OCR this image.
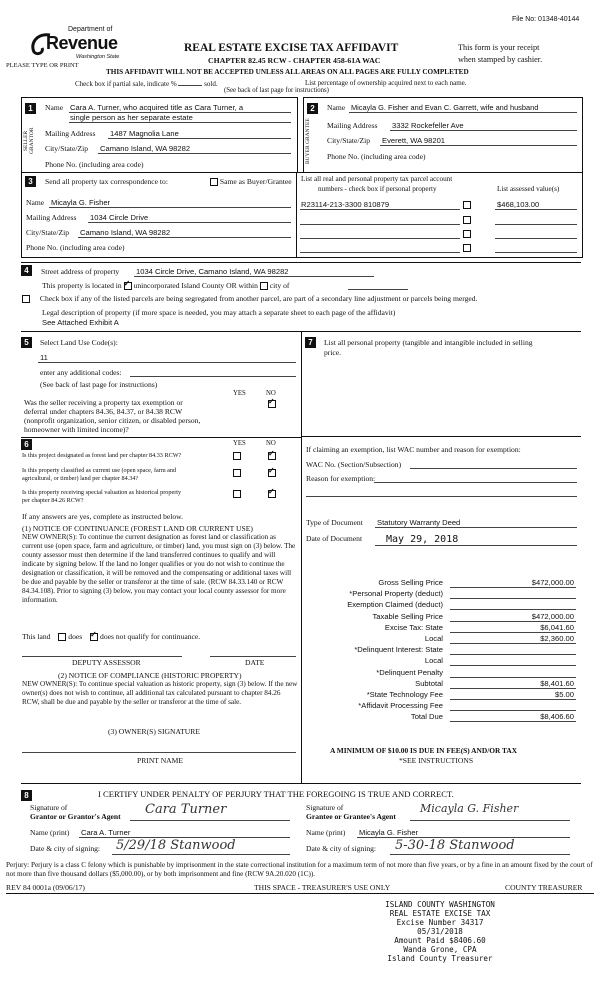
File No: 01348-40144
Department of
Revenue
Washington State
PLEASE TYPE OR PRINT
REAL ESTATE EXCISE TAX AFFIDAVIT
CHAPTER 82.45 RCW - CHAPTER 458-61A WAC
This form is your receipt
when stamped by cashier.
THIS AFFIDAVIT WILL NOT BE ACCEPTED UNLESS ALL AREAS ON ALL PAGES ARE FULLY COMPLETED
Check box if partial sale, indicate %	sold.	List percentage of ownership acquired next to each name.
(See back of last page for instructions)
1
SELLER GRANTOR
Name Cara A. Turner, who acquired title as Cara Turner, a
single person as her separate estate
Mailing Address 1487 Magnolia Lane
City/State/Zip Camano Island, WA 98282
Phone No. (including area code)
2
BUYER GRANTEE
Name Micayla G. Fisher and Evan C. Garrett, wife and husband
Mailing Address 3332 Rockefeller Ave
City/State/Zip Everett, WA 98201
Phone No. (including area code)
3	Send all property tax correspondence to:	Same as Buyer/Grantee
Name Micayla G. Fisher
Mailing Address 1034 Circle Drive
City/State/Zip Camano Island, WA 98282
Phone No. (including area code)
List all real and personal property tax parcel account
numbers - check box if personal property	List assessed value(s)
R23114-213-3300 810879	$468,103.00
4	Street address of property 1034 Circle Drive, Camano Island, WA 98282
This property is located in ✓ unincorporated Island County OR within city of
Check box if any of the listed parcels are being segregated from another parcel, are part of a secondary line adjustment or parcels being merged.
Legal description of property (if more space is needed, you may attach a separate sheet to each page of the affidavit)
See Attached Exhibit A
5	Select Land Use Code(s):
11
enter any additional codes:
(See back of last page for instructions)
YES	NO
Was the seller receiving a property tax exemption or
deferral under chapters 84.36, 84.37, or 84.38 RCW
(nonprofit organization, senior citizen, or disabled person,
homeowner with limited income)?
✓
6	YES	NO
Is this project designated as forest land per chapter 84.33 RCW?
✓
Is this property classified as current use (open space, farm and
agricultural, or timber) land per chapter 84.34?
✓
Is this property receiving special valuation as historical property
per chapter 84.26 RCW?
✓
If any answers are yes, complete as instructed below.
(1) NOTICE OF CONTINUANCE (FOREST LAND OR CURRENT USE)
NEW OWNER(S): To continue the current designation as forest land or classification as current use (open space, farm and agriculture, or timber) land, you must sign on (3) below. The county assessor must then determine if the land transferred continues to qualify and will indicate by signing below. If the land no longer qualifies or you do not wish to continue the designation or classification, it will be removed and the compensating or additional taxes will be due and payable by the seller or transferor at the time of sale. (RCW 84.33.140 or RCW 84.34.108). Prior to signing (3) below, you may contact your local county assessor for more information.
This land does ✓ does not qualify for continuance.
DEPUTY ASSESSOR	DATE
(2) NOTICE OF COMPLIANCE (HISTORIC PROPERTY)
NEW OWNER(S): To continue special valuation as historic property, sign (3) below. If the new owner(s) does not wish to continue, all additional tax calculated pursuant to chapter 84.26 RCW, shall be due and payable by the seller or transferor at the time of sale.
(3) OWNER(S) SIGNATURE
PRINT NAME
7	List all personal property (tangible and intangible included in selling
price.
If claiming an exemption, list WAC number and reason for exemption:
WAC No. (Section/Subsection)
Reason for exemption:
Type of Document Statutory Warranty Deed
Date of Document May 29, 2018
Gross Selling Price	$472,000.00
*Personal Property (deduct)
Exemption Claimed (deduct)
Taxable Selling Price	$472,000.00
Excise Tax: State	$6,041.60
Local	$2,360.00
*Delinquent Interest: State
Local
*Delinquent Penalty
Subtotal	$8,401.60
*State Technology Fee	$5.00
*Affidavit Processing Fee
Total Due	$8,406.60
A MINIMUM OF $10.00 IS DUE IN FEE(S) AND/OR TAX
*SEE INSTRUCTIONS
8	I CERTIFY UNDER PENALTY OF PERJURY THAT THE FOREGOING IS TRUE AND CORRECT.
Signature of
Grantor or Grantor's Agent Cara Turner
Name (print) Cara A. Turner
Date & city of signing: 5/29/18 Stanwood
Signature of
Grantee or Grantee's Agent
Micayla G. Fisher
Name (print) Micayla G. Fisher
Date & city of signing: 5-30-18 Stanwood
Perjury: Perjury is a class C felony which is punishable by imprisonment in the state correctional institution for a maximum term of not more than five years, or by a fine in an amount fixed by the court of not more than five thousand dollars ($5,000.00), or by both imprisonment and fine (RCW 9A.20.020 (1C)).
REV 84 0001a (09/06/17)	THIS SPACE - TREASURER'S USE ONLY	COUNTY TREASURER
ISLAND COUNTY WASHINGTON
REAL ESTATE EXCISE TAX
Excise Number 34317
05/31/2018
Amount Paid $8406.60
Wanda Grone, CPA
Island County Treasurer
